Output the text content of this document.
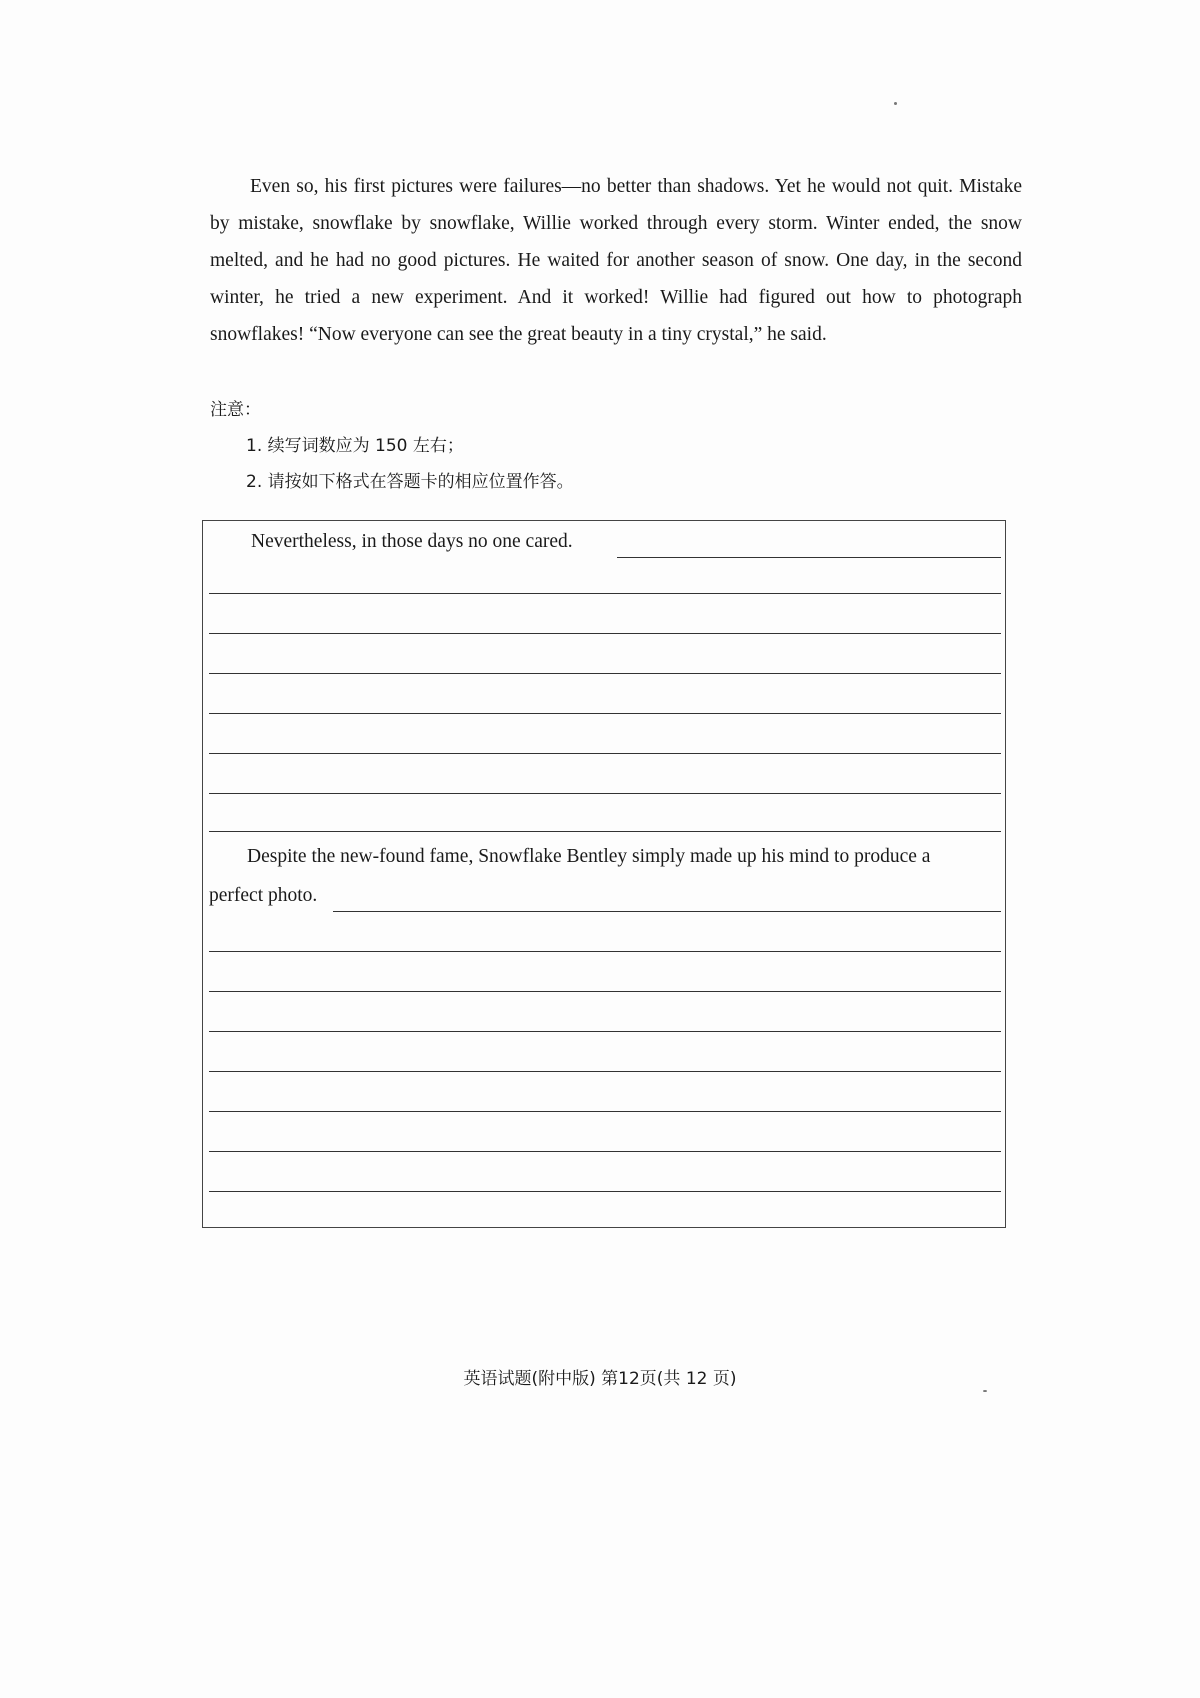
Even so, his first pictures were failures—no better than shadows. Yet he would not quit. Mistake by mistake, snowflake by snowflake, Willie worked through every storm. Winter ended, the snow melted, and he had no good pictures. He waited for another season of snow. One day, in the second winter, he tried a new experiment. And it worked! Willie had figured out how to photograph snowflakes! “Now everyone can see the great beauty in a tiny crystal,” he said.

注意：

1. 续写词数应为 150 左右；

2. 请按如下格式在答题卡的相应位置作答。

Nevertheless, in those days no one cared.
Despite the new-found fame, Snowflake Bentley simply made up his mind to produce a
perfect photo.
英语试题(附中版) 第12页(共 12 页)
